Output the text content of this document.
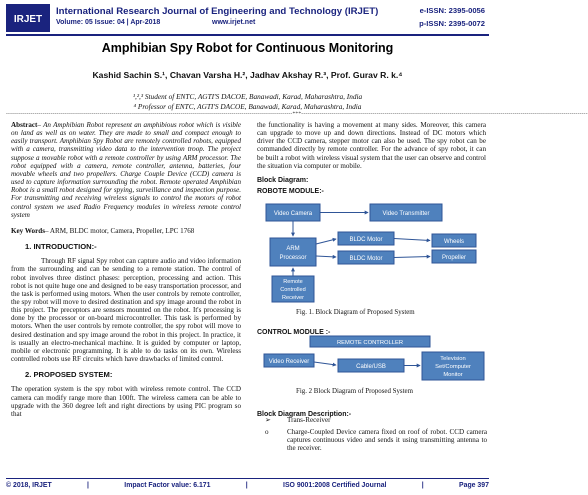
IRJET
International Research Journal of Engineering and Technology (IRJET)
Volume: 05 Issue: 04 | Apr-2018	www.irjet.net
e-ISSN: 2395-0056
p-ISSN: 2395-0072
Amphibian Spy Robot for Continuous Monitoring
Kashid Sachin S.¹, Chavan Varsha H.², Jadhav Akshay R.³, Prof. Gurav R. k.⁴
¹,²,³ Student of ENTC, AGTI'S DACOE, Banawadi, Karad, Maharashtra, India
⁴ Professor of ENTC, AGTI'S DACOE, Banawadi, Karad, Maharashtra, India
---------------------------------------------------------------------------------------------------------------------------------------------***---------------------------------------------------------------------------------------------------------------------------------------------

Abstract– An Amphibian Robot represent an amphibious robot which is visible on land as well as on water. They are made to small and compact enough to easily transport. Amphibian Spy Robot are remotely controlled robots, equipped with a camera, transmitting video data to the intervention troop. The project suppose a movable robot with a remote controller by using ARM processor. The robot equipped with a camera, remote controller, antenna, batteries, four movable wheels and two propellers. Charge Couple Device (CCD) camera is used to capture information surrounding the robot. Remote operated Amphibian Robot is a small robot designed for spying, surveillance and inspection purpose. For transmitting and receiving wireless signals to control the motors of robot control system we used Radio Frequency modules in wireless remote control system

Key Words– ARM, BLDC motor, Camera, Propeller, LPC 1768

1. INTRODUCTION:-

Through RF signal Spy robot can capture audio and video information from the surrounding and can be sending to a remote station. The control of robot involves three distinct phases: perception, processing and action. This robot is not quite huge one and designed to be easy transportation processor, and the task is performed using motors. When the user controls by remote controller, the spy robot will move to desired destination and spy image around the robot in this project. The preceptors are sensors mounted on the robot. It's processing is done by the processor or on-board microcontroller. This task is performed by motors. When the user controls by remote controller, the spy robot will move to desired destination and spy image around the robot in this project. In practice, it is usually an electro-mechanical machine. It is guided by computer or laptop, mobile or electronic programming. It is able to do tasks on its own. Wireless controlled robots use RF circuits which have drawbacks of limited control.

2. PROPOSED SYSTEM:

The operation system is the spy robot with wireless remote control. The CCD camera can modify range more than 100ft. The wireless camera can be able to upgrade with the 360 degree left and right directions by using PIC program so that

the functionality is having a movement at many sides. Moreover, this camera can upgrade to move up and down directions. Instead of DC motors which driver the CCD camera, stepper motor can also be used. The spy robot can be commanded directly by remote controller. For the advance of spy robot, it can be built a robot with wireless visual system that the user can observe and control the situation via computer or mobile.

Block Diagram:
ROBOTE MODULE:-
Video Camera	Video Transmitter
ARM
Processor
BLDC Motor
BLDC Motor
Wheels
Propeller
Remote
Controlled
Receiver
Fig. 1. Block Diagram of Proposed System
CONTROL MODULE :-
REMOTE CONTROLLER
Video Receiver
Cable/USB
Television
Set/Computer
Monitor
Fig. 2 Block Diagram of Proposed System
Block Diagram Description:-
➢	Trans-Receiver
o	Charge-Coupled Device camera fixed on roof of robot. CCD camera captures continuous video and sends it using transmitting antenna to the receiver.
© 2018, IRJET	|	Impact Factor value: 6.171	|	ISO 9001:2008 Certified Journal	|	Page 397
